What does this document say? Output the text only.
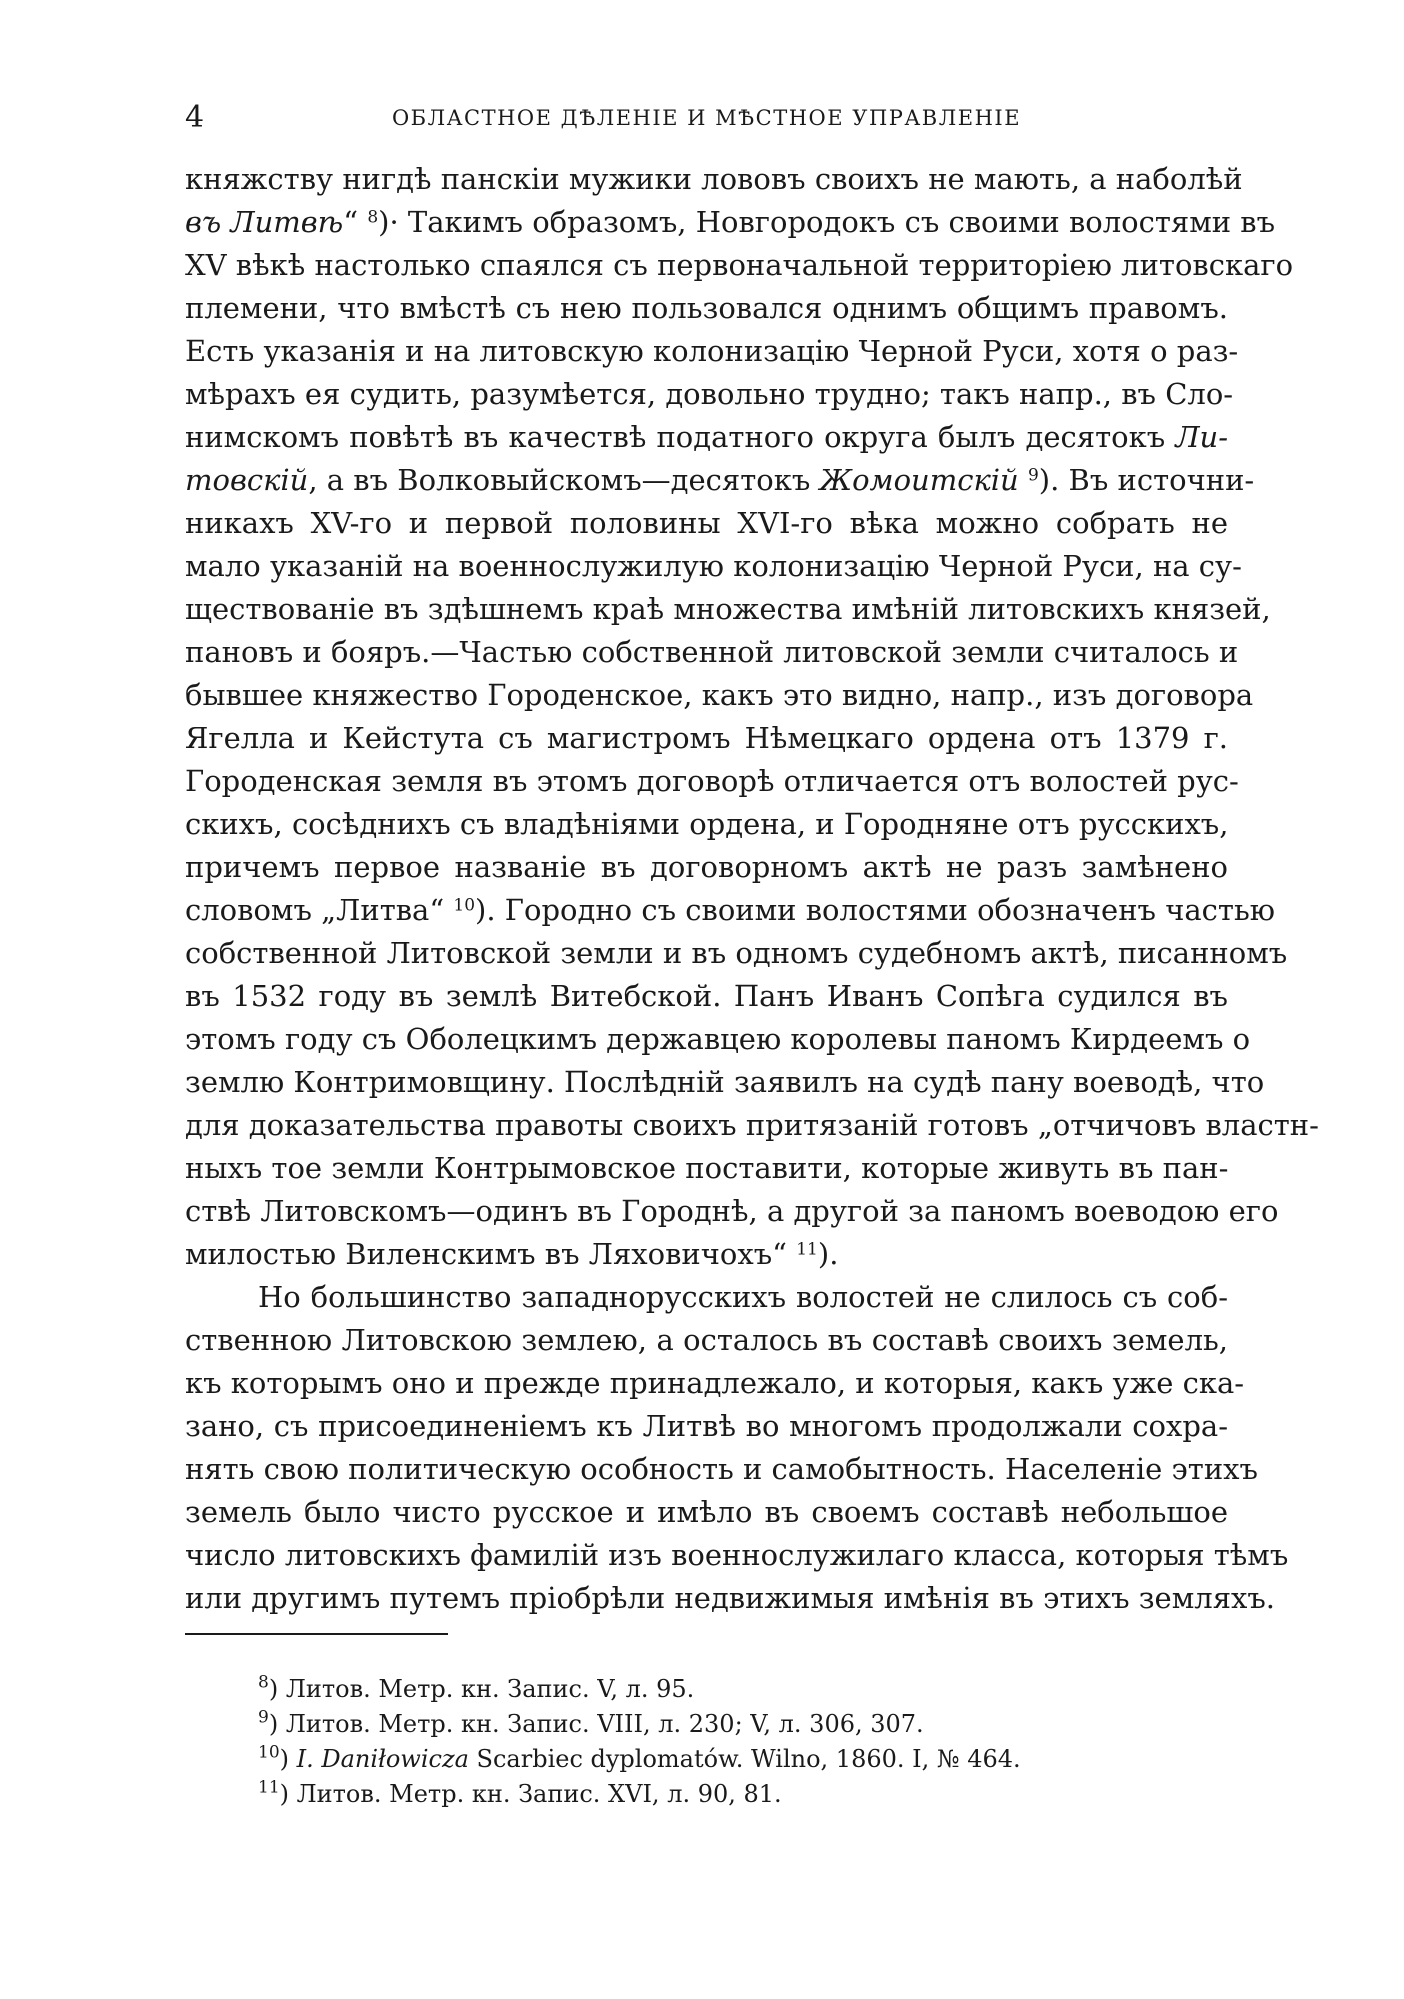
4	ОБЛАСТНОЕ ДѢЛЕНІЕ И МѢСТНОЕ УПРАВЛЕНІЕ
княжству нигдѣ панскіи мужики лововъ своихъ не мають, а наболѣй
въ Литвѣ“ $^8$)· Такимъ образомъ, Новгородокъ съ своими волостями въ
XV вѣкѣ настолько спаялся съ первоначальной территоріею литовскаго
племени, что вмѣстѣ съ нею пользовался однимъ общимъ правомъ.
Есть указанія и на литовскую колонизацію Черной Руси, хотя о раз-
мѣрахъ ея судить, разумѣется, довольно трудно; такъ напр., въ Сло-
нимскомъ повѣтѣ въ качествѣ податного округа былъ десятокъ Ли-
товскій, а въ Волковыйскомъ—десятокъ Жомоитскій $^9$). Въ источни-
никахъ XV-го и первой половины XVI-го вѣка можно собрать не
мало указаній на военнослужилую колонизацію Черной Руси, на су-
ществованіе въ здѣшнемъ краѣ множества имѣній литовскихъ князей,
пановъ и бояръ.—Частью собственной литовской земли считалось и
бывшее княжество Городенское, какъ это видно, напр., изъ договора
Ягелла и Кейстута съ магистромъ Нѣмецкаго ордена отъ 1379 г.
Городенская земля въ этомъ договорѣ отличается отъ волостей рус-
скихъ, сосѣднихъ съ владѣніями ордена, и Городняне отъ русскихъ,
причемъ первое названіе въ договорномъ актѣ не разъ замѣнено
словомъ „Литва“ $^{10}$). Городно съ своими волостями обозначенъ частью
собственной Литовской земли и въ одномъ судебномъ актѣ, писанномъ
въ 1532 году въ землѣ Витебской. Панъ Иванъ Сопѣга судился въ
этомъ году съ Оболецкимъ державцею королевы паномъ Кирдеемъ о
землю Контримовщину. Послѣдній заявилъ на судѣ пану воеводѣ, что
для доказательства правоты своихъ притязаній готовъ „отчичовъ властн-
ныхъ тое земли Контрымовское поставити, которые живуть въ пан-
ствѣ Литовскомъ—одинъ въ Городнѣ, а другой за паномъ воеводою его
милостью Виленскимъ въ Ляховичохъ“ $^{11}$).
Но большинство западнорусскихъ волостей не слилось съ соб-
ственною Литовскою землею, а осталось въ составѣ своихъ земель,
къ которымъ оно и прежде принадлежало, и которыя, какъ уже ска-
зано, съ присоединеніемъ къ Литвѣ во многомъ продолжали сохра-
нять свою политическую особность и самобытность. Населеніе этихъ
земель было чисто русское и имѣло въ своемъ составѣ небольшое
число литовскихъ фамилій изъ военнослужилаго класса, которыя тѣмъ
или другимъ путемъ пріобрѣли недвижимыя имѣнія въ этихъ земляхъ.
$^8$) Литов. Метр. кн. Запис. V, л. 95.
$^9$) Литов. Метр. кн. Запис. VIII, л. 230; V, л. 306, 307.
$^{10}$) I. Daniłowicza Scarbiec dyplomatów. Wilno, 1860. I, № 464.
$^{11}$) Литов. Метр. кн. Запис. XVI, л. 90, 81.
